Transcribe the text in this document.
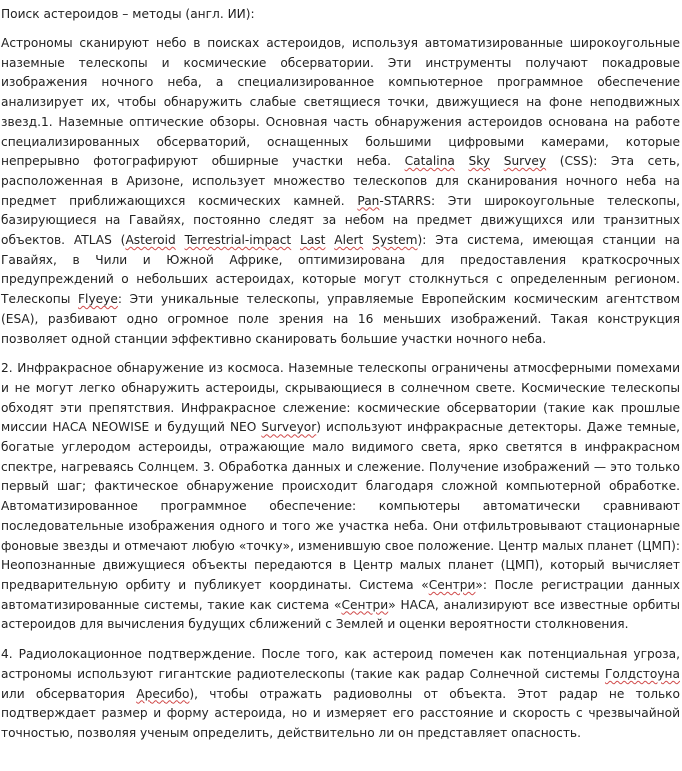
Поиск астероидов – методы (англ. ИИ):

Астрономы сканируют небо в поисках астероидов, используя автоматизированные широкоугольные наземные телескопы и космические обсерватории. Эти инструменты получают покадровые изображения ночного неба, а специализированное компьютерное программное обеспечение анализирует их, чтобы обнаружить слабые светящиеся точки, движущиеся на фоне неподвижных звезд.1. Наземные оптические обзоры. Основная часть обнаружения астероидов основана на работе специализированных обсерваторий, оснащенных большими цифровыми камерами, которые непрерывно фотографируют обширные участки неба. Catalina Sky Survey (CSS): Эта сеть, расположенная в Аризоне, использует множество телескопов для сканирования ночного неба на предмет приближающихся космических камней. Pan-STARRS: Эти широкоугольные телескопы, базирующиеся на Гавайях, постоянно следят за небом на предмет движущихся или транзитных объектов. ATLAS (Asteroid Terrestrial-impact Last Alert System): Эта система, имеющая станции на Гавайях, в Чили и Южной Африке, оптимизирована для предоставления краткосрочных предупреждений о небольших астероидах, которые могут столкнуться с определенным регионом. Телескопы Flyeye: Эти уникальные телескопы, управляемые Европейским космическим агентством (ESA), разбивают одно огромное поле зрения на 16 меньших изображений. Такая конструкция позволяет одной станции эффективно сканировать большие участки ночного неба.

2. Инфракрасное обнаружение из космоса. Наземные телескопы ограничены атмосферными помехами и не могут легко обнаружить астероиды, скрывающиеся в солнечном свете. Космические телескопы обходят эти препятствия. Инфракрасное слежение: космические обсерватории (такие как прошлые миссии НАСА NEOWISE и будущий NEO Surveyor) используют инфракрасные детекторы. Даже темные, богатые углеродом астероиды, отражающие мало видимого света, ярко светятся в инфракрасном спектре, нагреваясь Солнцем. 3. Обработка данных и слежение. Получение изображений — это только первый шаг; фактическое обнаружение происходит благодаря сложной компьютерной обработке. Автоматизированное программное обеспечение: компьютеры автоматически сравнивают последовательные изображения одного и того же участка неба. Они отфильтровывают стационарные фоновые звезды и отмечают любую «точку», изменившую свое положение. Центр малых планет (ЦМП): Неопознанные движущиеся объекты передаются в Центр малых планет (ЦМП), который вычисляет предварительную орбиту и публикует координаты. Система «Сентри»: После регистрации данных автоматизированные системы, такие как система «Сентри» НАСА, анализируют все известные орбиты астероидов для вычисления будущих сближений с Землей и оценки вероятности столкновения.

4. Радиолокационное подтверждение. После того, как астероид помечен как потенциальная угроза, астрономы используют гигантские радиотелескопы (такие как радар Солнечной системы Голдстоуна или обсерватория Аресибо), чтобы отражать радиоволны от объекта. Этот радар не только подтверждает размер и форму астероида, но и измеряет его расстояние и скорость с чрезвычайной точностью, позволяя ученым определить, действительно ли он представляет опасность.
